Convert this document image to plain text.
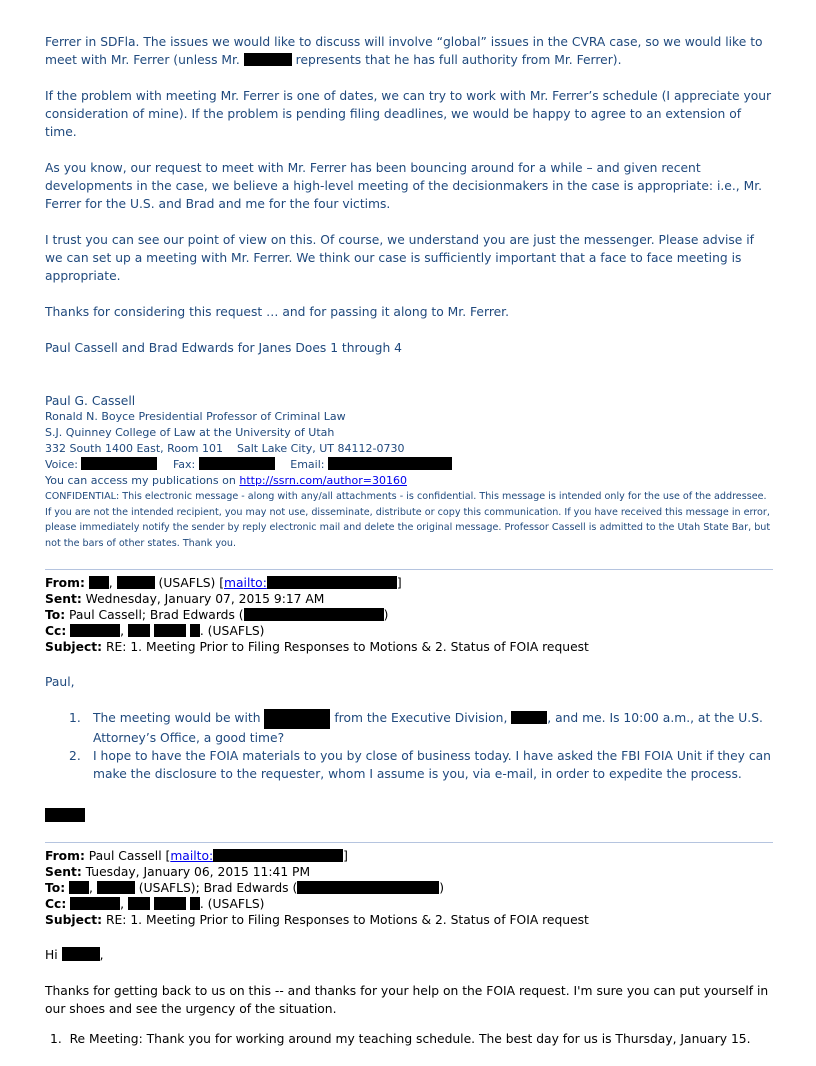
Ferrer in SDFla. The issues we would like to discuss will involve “global” issues in the CVRA case, so we would like to meet with Mr. Ferrer (unless Mr.	represents that he has full authority from Mr. Ferrer).

If the problem with meeting Mr. Ferrer is one of dates, we can try to work with Mr. Ferrer’s schedule (I appreciate your consideration of mine). If the problem is pending filing deadlines, we would be happy to agree to an extension of time.

As you know, our request to meet with Mr. Ferrer has been bouncing around for a while – and given recent developments in the case, we believe a high-level meeting of the decisionmakers in the case is appropriate: i.e., Mr. Ferrer for the U.S. and Brad and me for the four victims.

I trust you can see our point of view on this. Of course, we understand you are just the messenger. Please advise if we can set up a meeting with Mr. Ferrer. We think our case is sufficiently important that a face to face meeting is appropriate.

Thanks for considering this request … and for passing it along to Mr. Ferrer.

Paul Cassell and Brad Edwards for Janes Does 1 through 4

Paul G. Cassell

Ronald N. Boyce Presidential Professor of Criminal Law

S.J. Quinney College of Law at the University of Utah

332 South 1400 East, Room 101    Salt Lake City, UT 84112-0730

Voice:	Fax:	Email:

You can access my publications on http://ssrn.com/author=30160

CONFIDENTIAL: This electronic message - along with any/all attachments - is confidential. This message is intended only for the use of the addressee. If you are not the intended recipient, you may not use, disseminate, distribute or copy this communication. If you have received this message in error, please immediately notify the sender by reply electronic mail and delete the original message. Professor Cassell is admitted to the Utah State Bar, but not the bars of other states. Thank you.

From: ,	(USAFLS) [mailto:	]
Sent: Wednesday, January 07, 2015 9:17 AM
To: Paul Cassell; Brad Edwards (	)
Cc:	,	. (USAFLS)
Subject: RE: 1. Meeting Prior to Filing Responses to Motions & 2. Status of FOIA request

Paul,

1. The meeting would be with	from the Executive Division,	, and me. Is 10:00 a.m., at the U.S. Attorney’s Office, a good time?
2. I hope to have the FOIA materials to you by close of business today. I have asked the FBI FOIA Unit if they can make the disclosure to the requester, whom I assume is you, via e-mail, in order to expedite the process.
From: Paul Cassell [mailto:	]
Sent: Tuesday, January 06, 2015 11:41 PM
To: ,	(USAFLS); Brad Edwards (	)
Cc:	,	. (USAFLS)
Subject: RE: 1. Meeting Prior to Filing Responses to Motions & 2. Status of FOIA request

Hi	,

Thanks for getting back to us on this -- and thanks for your help on the FOIA request. I'm sure you can put yourself in our shoes and see the urgency of the situation.

1. Re Meeting: Thank you for working around my teaching schedule. The best day for us is Thursday, January 15.
